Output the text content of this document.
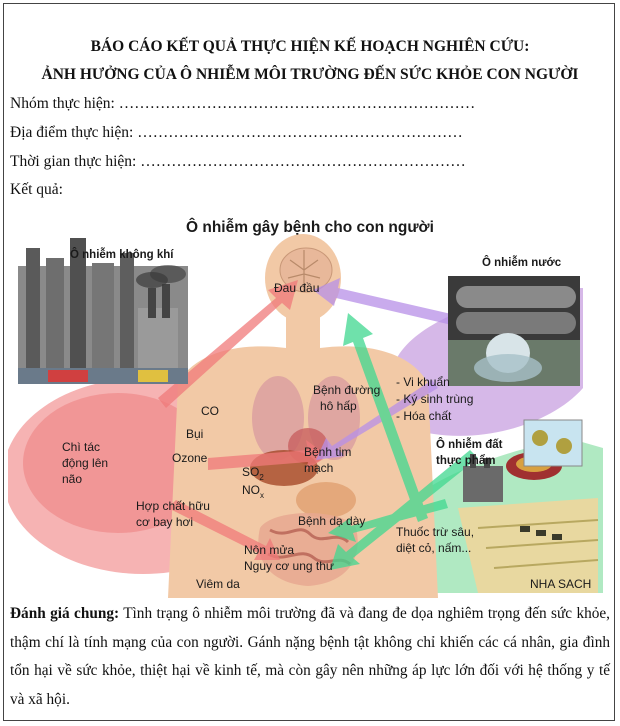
BÁO CÁO KẾT QUẢ THỰC HIỆN KẾ HOẠCH NGHIÊN CỨU:
ẢNH HƯỞNG CỦA Ô NHIỄM MÔI TRƯỜNG ĐẾN SỨC KHỎE CON NGƯỜI
Nhóm thực hiện: ……………………………………………………………
Địa điểm thực hiện: ………………………………………………………
Thời gian thực hiện: ………………………………………………………
Kết quả:
Ô nhiễm gây bệnh cho con người
Ô nhiễm không khí
Ô nhiễm nước
Ô nhiễm đất
thực phẩm
Đau đầu
Bệnh đường
hô hấp
Bệnh tim
mạch
Bệnh dạ dày
Nôn mửa
Nguy cơ ung thư
Viêm da
CO
Bụi
Ozone
$SO_2$
$NO_x$
Chì tác
động lên
não
Hợp chất hữu
cơ bay hơi
- Vi khuẩn
- Ký sinh trùng
- Hóa chất
Thuốc trừ sâu,
diệt cỏ, nấm...
NHA SACH
Đánh giá chung: Tình trạng ô nhiễm môi trường đã và đang đe dọa nghiêm trọng đến sức khỏe, thậm chí là tính mạng của con người. Gánh nặng bệnh tật không chỉ khiến các cá nhân, gia đình tổn hại về sức khỏe, thiệt hại về kinh tế, mà còn gây nên những áp lực lớn đối với hệ thống y tế và xã hội.
